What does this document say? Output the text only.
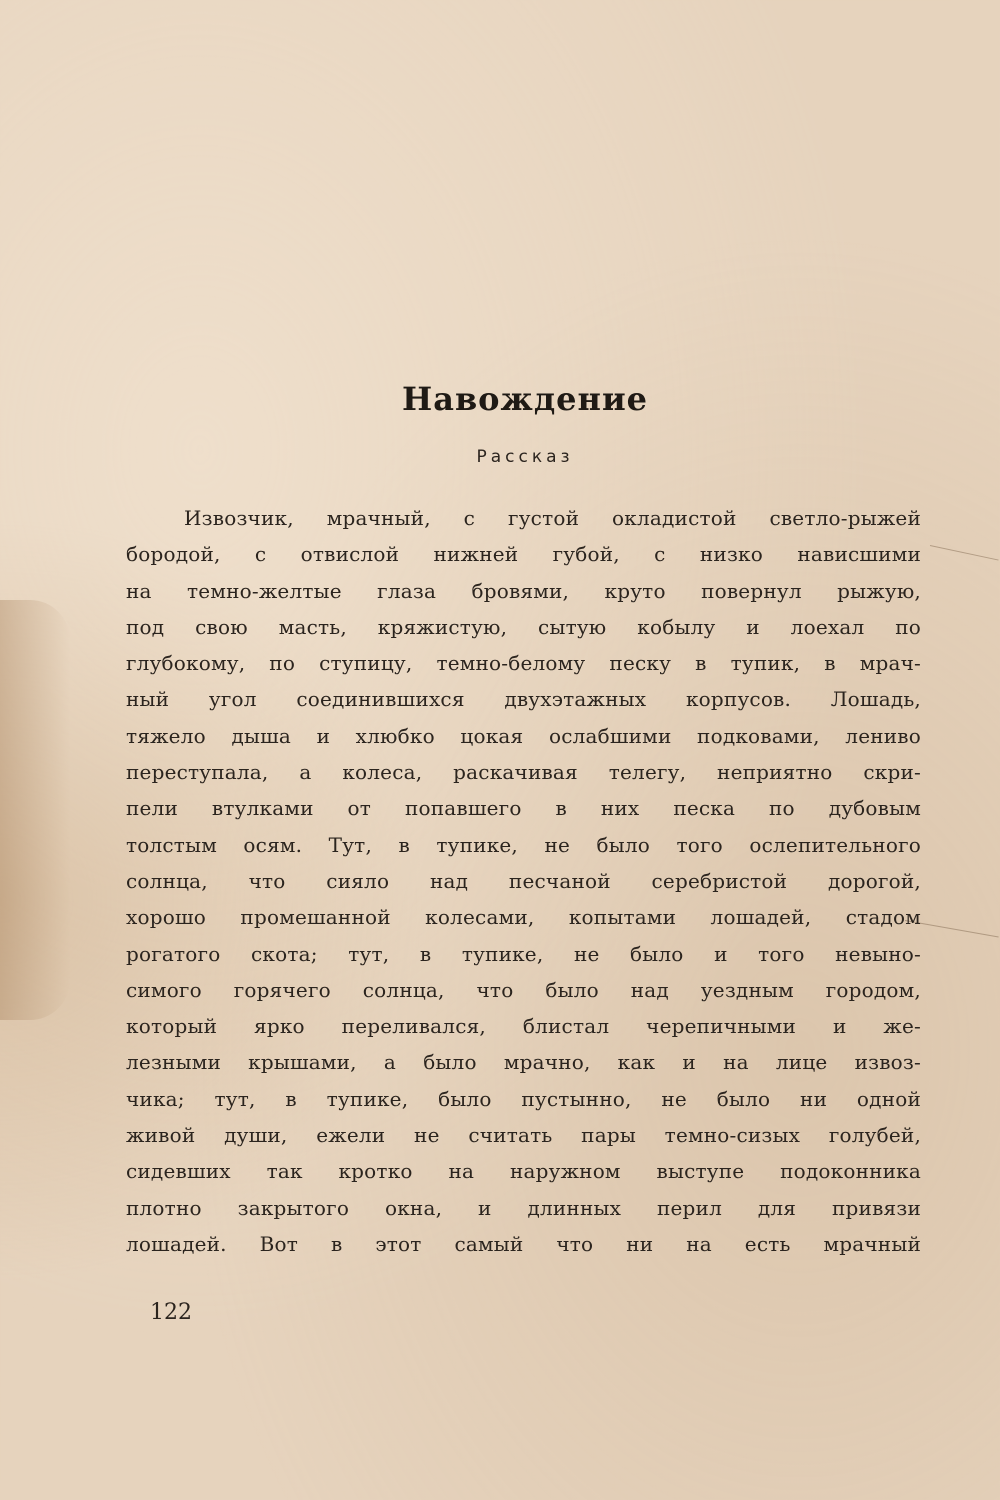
Навождение
Рассказ
Извозчик, мрачный, с густой окладистой светло-рыжей
бородой, с отвислой нижней губой, с низко нависшими
на темно-желтые глаза бровями, круто повернул рыжую,
под свою масть, кряжистую, сытую кобылу и лоехал по
глубокому, по ступицу, темно-белому песку в тупик, в мрач-
ный угол соединившихся двухэтажных корпусов. Лошадь,
тяжело дыша и хлюбко цокая ослабшими подковами, лениво
переступала, а колеса, раскачивая телегу, неприятно скри-
пели втулками от попавшего в них песка по дубовым
толстым осям. Тут, в тупике, не было того ослепительного
солнца, что сияло над песчаной серебристой дорогой,
хорошо промешанной колесами, копытами лошадей, стадом
рогатого скота; тут, в тупике, не было и того невыно-
симого горячего солнца, что было над уездным городом,
который ярко переливался, блистал черепичными и же-
лезными крышами, а было мрачно, как и на лице извоз-
чика; тут, в тупике, было пустынно, не было ни одной
живой души, ежели не считать пары темно-сизых голубей,
сидевших так кротко на наружном выступе подоконника
плотно закрытого окна, и длинных перил для привязи
лошадей. Вот в этот самый что ни на есть мрачный
122
